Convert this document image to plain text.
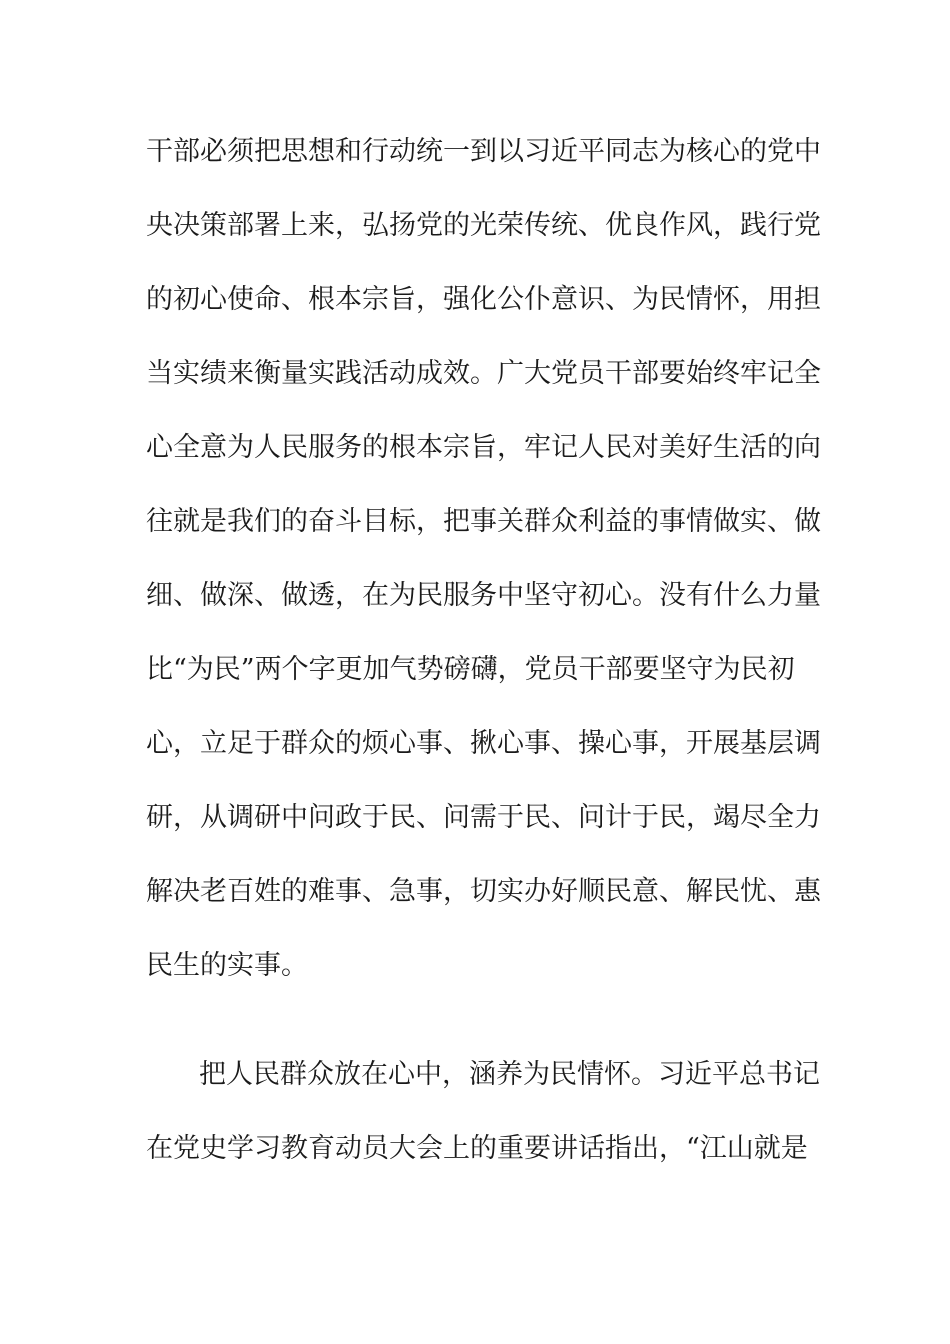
干部必须把思想和行动统一到以习近平同志为核心的党中
央决策部署上来，弘扬党的光荣传统、优良作风，践行党
的初心使命、根本宗旨，强化公仆意识、为民情怀，用担
当实绩来衡量实践活动成效。广大党员干部要始终牢记全
心全意为人民服务的根本宗旨，牢记人民对美好生活的向
往就是我们的奋斗目标，把事关群众利益的事情做实、做
细、做深、做透，在为民服务中坚守初心。没有什么力量
比“为民”两个字更加气势磅礴，党员干部要坚守为民初
心，立足于群众的烦心事、揪心事、操心事，开展基层调
研，从调研中问政于民、问需于民、问计于民，竭尽全力
解决老百姓的难事、急事，切实办好顺民意、解民忧、惠
民生的实事。
把人民群众放在心中，涵养为民情怀。习近平总书记
在党史学习教育动员大会上的重要讲话指出，“江山就是
